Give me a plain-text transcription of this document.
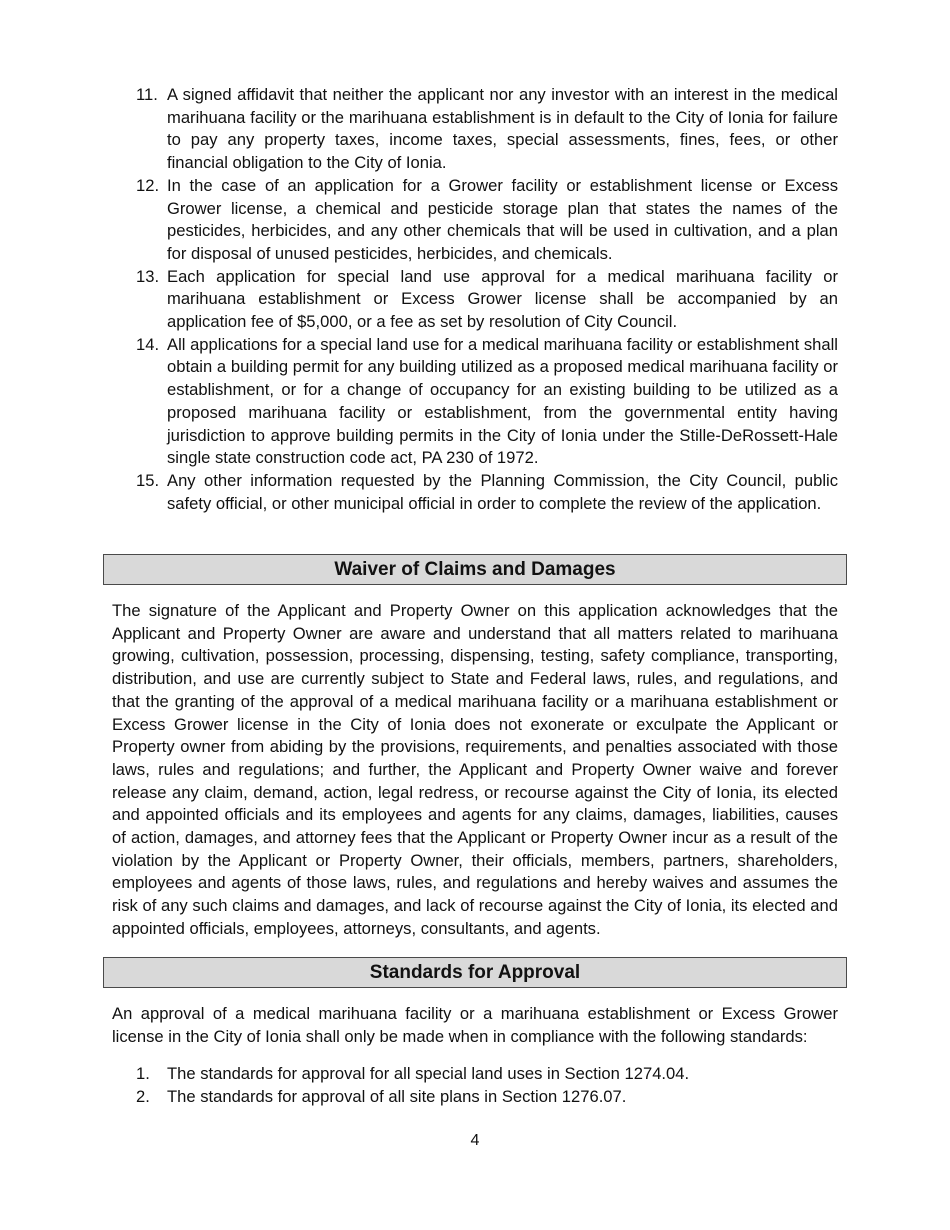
11. A signed affidavit that neither the applicant nor any investor with an interest in the medical marihuana facility or the marihuana establishment is in default to the City of Ionia for failure to pay any property taxes, income taxes, special assessments, fines, fees, or other financial obligation to the City of Ionia.
12. In the case of an application for a Grower facility or establishment license or Excess Grower license, a chemical and pesticide storage plan that states the names of the pesticides, herbicides, and any other chemicals that will be used in cultivation, and a plan for disposal of unused pesticides, herbicides, and chemicals.
13. Each application for special land use approval for a medical marihuana facility or marihuana establishment or Excess Grower license shall be accompanied by an application fee of $5,000, or a fee as set by resolution of City Council.
14. All applications for a special land use for a medical marihuana facility or establishment shall obtain a building permit for any building utilized as a proposed medical marihuana facility or establishment, or for a change of occupancy for an existing building to be utilized as a proposed marihuana facility or establishment, from the governmental entity having jurisdiction to approve building permits in the City of Ionia under the Stille-DeRossett-Hale single state construction code act, PA 230 of 1972.
15. Any other information requested by the Planning Commission, the City Council, public safety official, or other municipal official in order to complete the review of the application.
Waiver of Claims and Damages

The signature of the Applicant and Property Owner on this application acknowledges that the Applicant and Property Owner are aware and understand that all matters related to marihuana growing, cultivation, possession, processing, dispensing, testing, safety compliance, transporting, distribution, and use are currently subject to State and Federal laws, rules, and regulations, and that the granting of the approval of a medical marihuana facility or a marihuana establishment or Excess Grower license in the City of Ionia does not exonerate or exculpate the Applicant or Property owner from abiding by the provisions, requirements, and penalties associated with those laws, rules and regulations; and further, the Applicant and Property Owner waive and forever release any claim, demand, action, legal redress, or recourse against the City of Ionia, its elected and appointed officials and its employees and agents for any claims, damages, liabilities, causes of action, damages, and attorney fees that the Applicant or Property Owner incur as a result of the violation by the Applicant or Property Owner, their officials, members, partners, shareholders, employees and agents of those laws, rules, and regulations and hereby waives and assumes the risk of any such claims and damages, and lack of recourse against the City of Ionia, its elected and appointed officials, employees, attorneys, consultants, and agents.

Standards for Approval

An approval of a medical marihuana facility or a marihuana establishment or Excess Grower license in the City of Ionia shall only be made when in compliance with the following standards:

1.	The standards for approval for all special land uses in Section 1274.04.
2.	The standards for approval of all site plans in Section 1276.07.
4
